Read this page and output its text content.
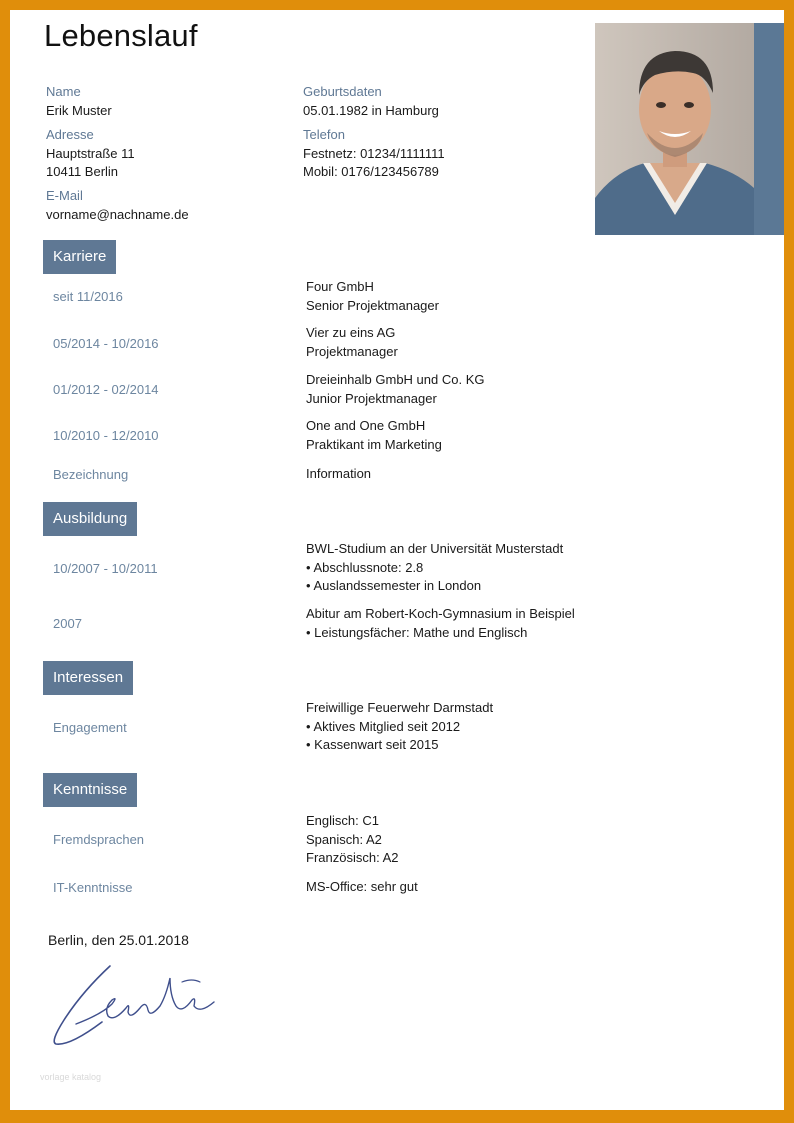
Lebenslauf
Name
Erik Muster
Geburtsdaten
05.01.1982 in Hamburg
Adresse
Hauptstraße 11
10411 Berlin
Telefon
Festnetz: 01234/1111111
Mobil: 0176/123456789
E-Mail
vorname@nachname.de
Karriere
seit 11/2016
Four GmbH
Senior Projektmanager
05/2014 - 10/2016
Vier zu eins AG
Projektmanager
01/2012 - 02/2014
Dreieinhalb GmbH und Co. KG
Junior Projektmanager
10/2010 - 12/2010
One and One GmbH
Praktikant im Marketing
Bezeichnung	Information
Ausbildung
10/2007 - 10/2011
BWL-Studium an der Universität Musterstadt
• Abschlussnote: 2.8
• Auslandssemester in London
2007
Abitur am Robert-Koch-Gymnasium in Beispiel
• Leistungsfächer: Mathe und Englisch
Interessen
Engagement
Freiwillige Feuerwehr Darmstadt
• Aktives Mitglied seit 2012
• Kassenwart seit 2015
Kenntnisse
Fremdsprachen
Englisch: C1
Spanisch: A2
Französisch: A2
IT-Kenntnisse	MS-Office: sehr gut
Berlin, den 25.01.2018
vorlage katalog
